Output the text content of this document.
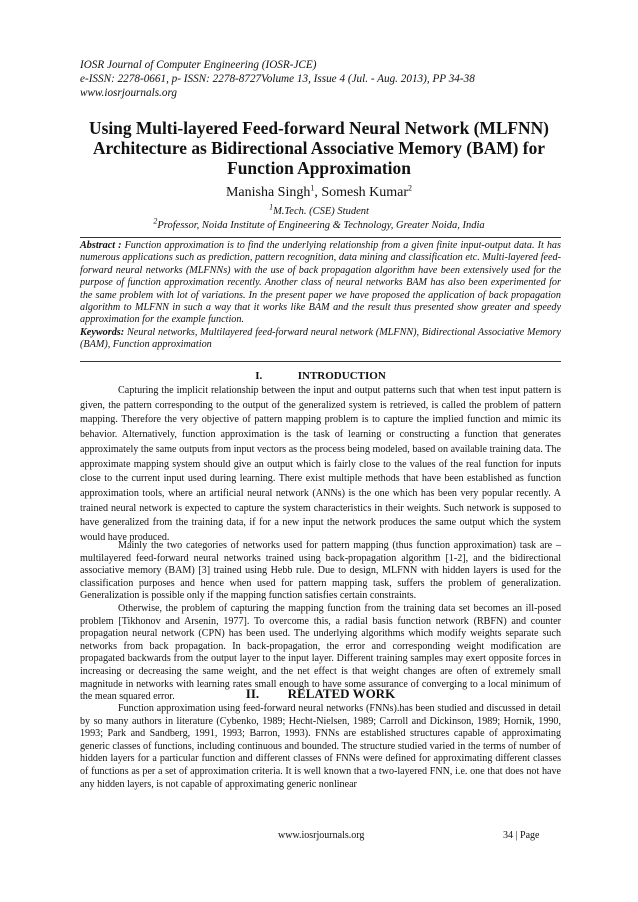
IOSR Journal of Computer Engineering (IOSR-JCE)
e-ISSN: 2278-0661, p- ISSN: 2278-8727Volume 13, Issue 4 (Jul. - Aug. 2013), PP 34-38
www.iosrjournals.org
Using Multi-layered Feed-forward Neural Network (MLFNN) Architecture as Bidirectional Associative Memory (BAM) for Function Approximation
Manisha Singh$^1$, Somesh Kumar$^2$
$^1$M.Tech. (CSE) Student
$^2$Professor, Noida Institute of Engineering & Technology, Greater Noida, India
Abstract : Function approximation is to find the underlying relationship from a given finite input-output data. It has numerous applications such as prediction, pattern recognition, data mining and classification etc. Multi-layered feed-forward neural networks (MLFNNs) with the use of back propagation algorithm have been extensively used for the purpose of function approximation recently. Another class of neural networks BAM has also been experimented for the same problem with lot of variations. In the present paper we have proposed the application of back propagation algorithm to MLFNN in such a way that it works like BAM and the result thus presented show greater and speedy approximation for the example function.
Keywords: Neural networks, Multilayered feed-forward neural network (MLFNN), Bidirectional Associative Memory (BAM), Function approximation
I.	INTRODUCTION
Capturing the implicit relationship between the input and output patterns such that when test input pattern is given, the pattern corresponding to the output of the generalized system is retrieved, is called the problem of pattern mapping. Therefore the very objective of pattern mapping problem is to capture the implied function and mimic its behavior. Alternatively, function approximation is the task of learning or constructing a function that generates approximately the same outputs from input vectors as the process being modeled, based on available training data. The approximate mapping system should give an output which is fairly close to the values of the real function for inputs close to the current input used during learning. There exist multiple methods that have been established as function approximation tools, where an artificial neural network (ANNs) is the one which has been very popular recently. A trained neural network is expected to capture the system characteristics in their weights. Such network is supposed to have generalized from the training data, if for a new input the network produces the same output which the system would have produced.
Mainly the two categories of networks used for pattern mapping (thus function approximation) task are – multilayered feed-forward neural networks trained using back-propagation algorithm [1-2], and the bidirectional associative memory (BAM) [3] trained using Hebb rule. Due to design, MLFNN with hidden layers is used for the classification purposes and hence when used for pattern mapping task, suffers the problem of generalization. Generalization is possible only if the mapping function satisfies certain constraints.
Otherwise, the problem of capturing the mapping function from the training data set becomes an ill-posed problem [Tikhonov and Arsenin, 1977]. To overcome this, a radial basis function network (RBFN) and counter propagation neural network (CPN) has been used. The underlying algorithms which modify weights separate such networks from back propagation. In back-propagation, the error and corresponding weight modification are propagated backwards from the output layer to the input layer. Different training samples may exert opposite forces in increasing or decreasing the same weight, and the net effect is that weight changes are often of extremely small magnitude in networks with learning rates small enough to have some assurance of converging to a local minimum of the mean squared error.	II. RELATED WORK
Function approximation using feed-forward neural networks (FNNs).has been studied and discussed in detail by so many authors in literature (Cybenko, 1989; Hecht-Nielsen, 1989; Carroll and Dickinson, 1989; Hornik, 1990, 1993; Park and Sandberg, 1991, 1993; Barron, 1993). FNNs are established structures capable of approximating generic classes of functions, including continuous and bounded. The structure studied varied in the terms of number of hidden layers for a particular function and different classes of FNNs were defined for approximating different classes of functions as per a set of approximation criteria. It is well known that a two-layered FNN, i.e. one that does not have any hidden layers, is not capable of approximating generic nonlinear
www.iosrjournals.org	34 | Page
